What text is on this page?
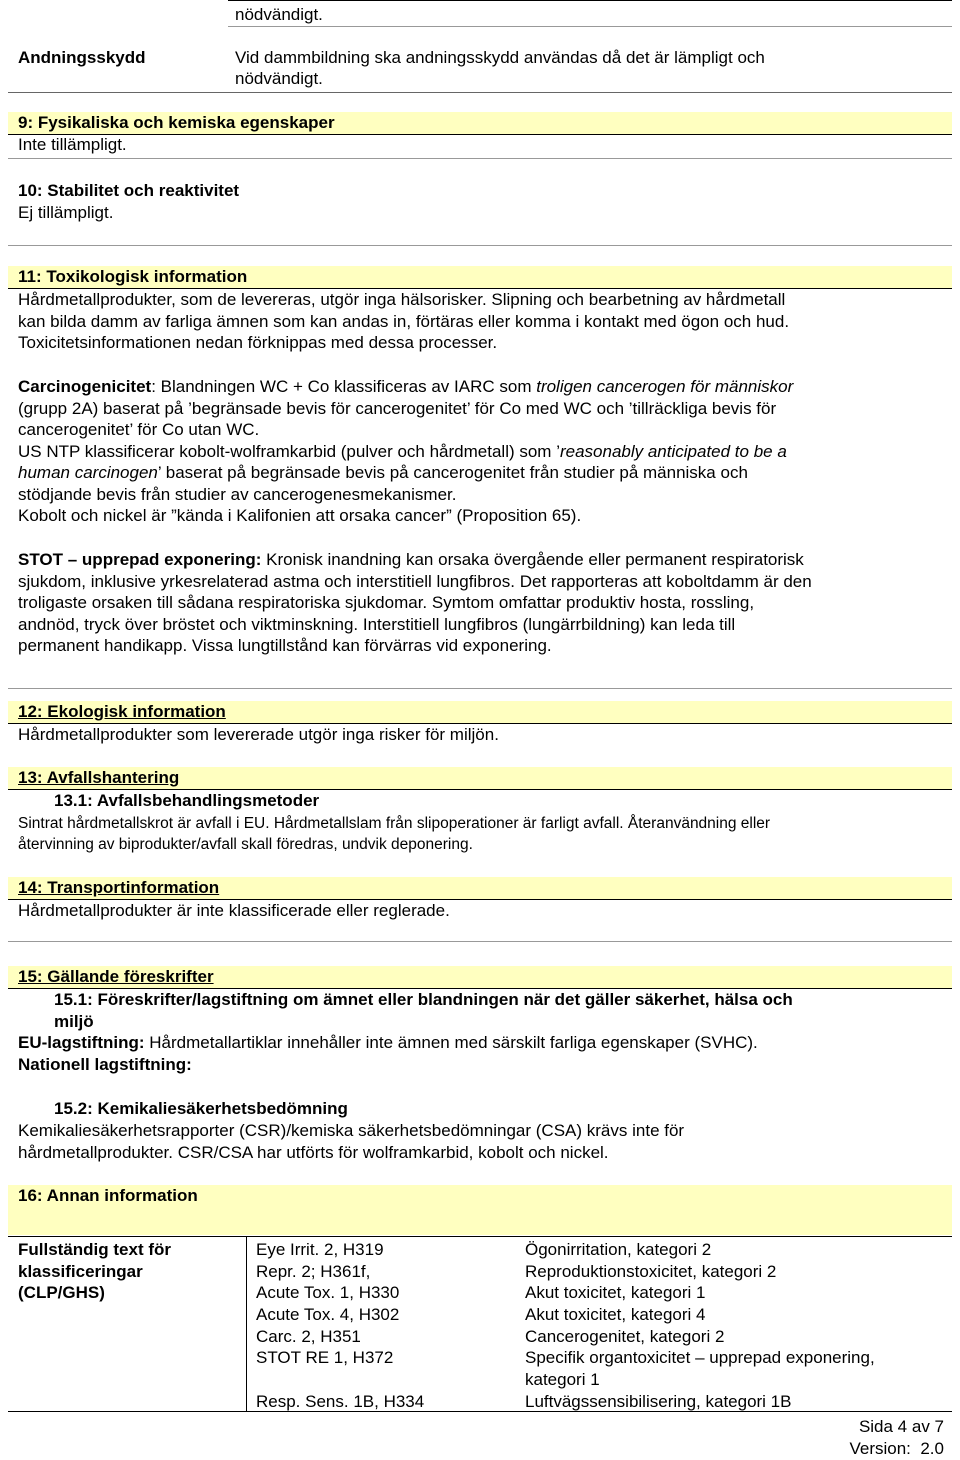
nödvändigt.
Andningsskydd	Vid dammbildning ska andningsskydd användas då det är lämpligt och
nödvändigt.
9: Fysikaliska och kemiska egenskaper
Inte tillämpligt.
10: Stabilitet och reaktivitet
Ej tillämpligt.
11: Toxikologisk information

Hårdmetallprodukter, som de levereras, utgör inga hälsorisker. Slipning och bearbetning av hårdmetall

kan bilda damm av farliga ämnen som kan andas in, förtäras eller komma i kontakt med ögon och hud.

Toxicitetsinformationen nedan förknippas med dessa processer.

Carcinogenicitet: Blandningen WC + Co klassificeras av IARC som troligen cancerogen för människor

(grupp 2A) baserat på ’begränsade bevis för cancerogenitet’ för Co med WC och ’tillräckliga bevis för

cancerogenitet’ för Co utan WC.

US NTP klassificerar kobolt-wolframkarbid (pulver och hårdmetall) som ’reasonably anticipated to be a

human carcinogen’ baserat på begränsade bevis på cancerogenitet från studier på människa och

stödjande bevis från studier av cancerogenesmekanismer.

Kobolt och nickel är ”kända i Kalifonien att orsaka cancer” (Proposition 65).

STOT – upprepad exponering: Kronisk inandning kan orsaka övergående eller permanent respiratorisk

sjukdom, inklusive yrkesrelaterad astma och interstitiell lungfibros. Det rapporteras att koboltdamm är den

troligaste orsaken till sådana respiratoriska sjukdomar. Symtom omfattar produktiv hosta, rossling,

andnöd, tryck över bröstet och viktminskning. Interstitiell lungfibros (lungärrbildning) kan leda till

permanent handikapp. Vissa lungtillstånd kan förvärras vid exponering.

12: Ekologisk information
Hårdmetallprodukter som levererade utgör inga risker för miljön.
13: Avfallshantering
13.1: Avfallsbehandlingsmetoder

Sintrat hårdmetallskrot är avfall i EU. Hårdmetallslam från slipoperationer är farligt avfall. Återanvändning eller

återvinning av biprodukter/avfall skall föredras, undvik deponering.

14: Transportinformation
Hårdmetallprodukter är inte klassificerade eller reglerade.
15: Gällande föreskrifter

15.1: Föreskrifter/lagstiftning om ämnet eller blandningen när det gäller säkerhet, hälsa och

miljö

EU-lagstiftning: Hårdmetallartiklar innehåller inte ämnen med särskilt farliga egenskaper (SVHC).
Nationell lagstiftning:
15.2: Kemikaliesäkerhetsbedömning

Kemikaliesäkerhetsrapporter (CSR)/kemiska säkerhetsbedömningar (CSA) krävs inte för

hårdmetallprodukter. CSR/CSA har utförts för wolframkarbid, kobolt och nickel.

16: Annan information
Fullständig text för
klassificeringar
(CLP/GHS)
Eye Irrit. 2, H319
Repr. 2; H361f,
Acute Tox. 1, H330
Acute Tox. 4, H302
Carc. 2, H351
STOT RE 1, H372
Resp. Sens. 1B, H334
Ögonirritation, kategori 2
Reproduktionstoxicitet, kategori 2
Akut toxicitet, kategori 1
Akut toxicitet, kategori 4
Cancerogenitet, kategori 2
Specifik organtoxicitet – upprepad exponering,
kategori 1
Luftvägssensibilisering, kategori 1B
Sida 4 av 7
Version:  2.0
